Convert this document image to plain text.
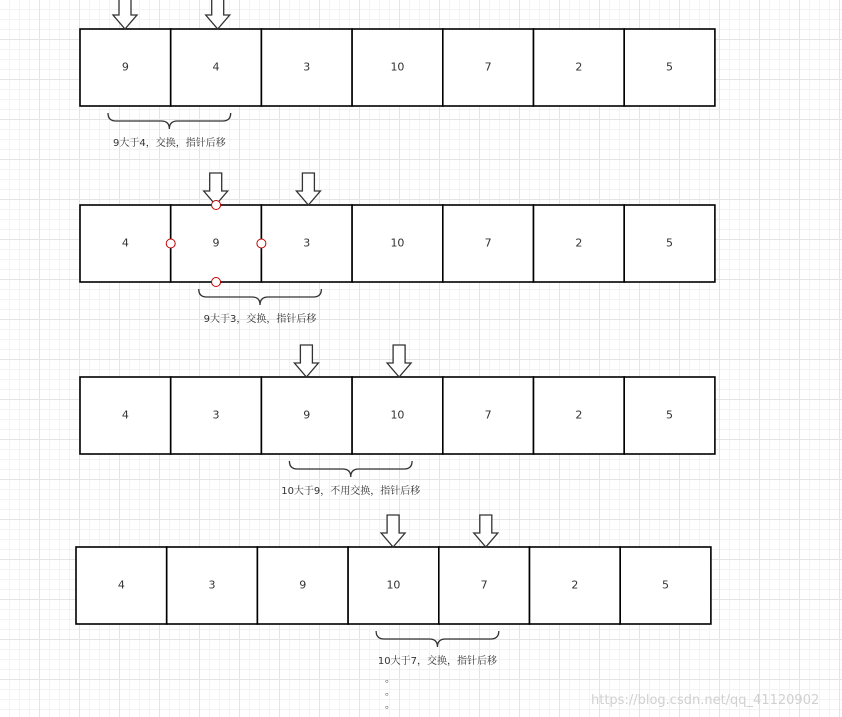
9	4	3	10	7	2	5
9大于4，交换，指针后移
4	9	3	10	7	2	5
9大于3，交换，指针后移
4	3	9	10	7	2	5
10大于9，不用交换，指针后移
4	3	9	10	7	2	5
10大于7，交换，指针后移
。
。
。	https://blog.csdn.net/qq_41120902
